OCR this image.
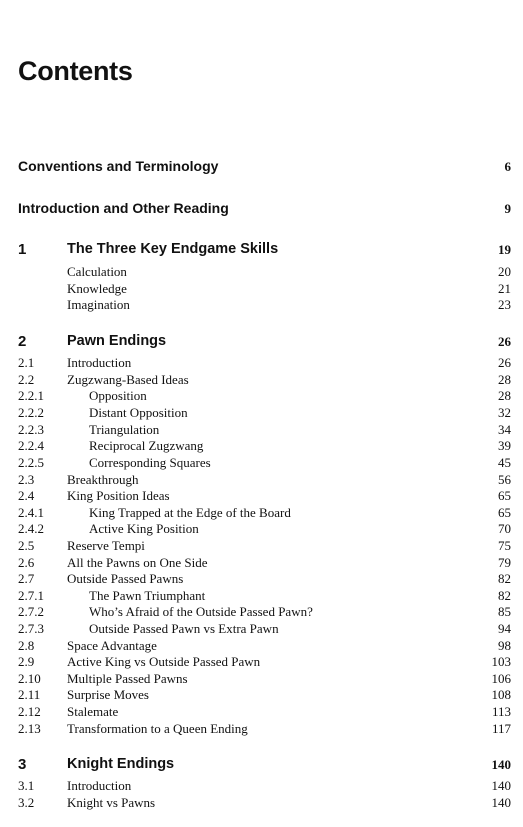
Contents
Conventions and Terminology	6
Introduction and Other Reading	9
1	The Three Key Endgame Skills	19
Calculation	20
Knowledge	21
Imagination	23
2	Pawn Endings	26
2.1	Introduction	26
2.2	Zugzwang-Based Ideas	28
2.2.1	Opposition	28
2.2.2	Distant Opposition	32
2.2.3	Triangulation	34
2.2.4	Reciprocal Zugzwang	39
2.2.5	Corresponding Squares	45
2.3	Breakthrough	56
2.4	King Position Ideas	65
2.4.1	King Trapped at the Edge of the Board	65
2.4.2	Active King Position	70
2.5	Reserve Tempi	75
2.6	All the Pawns on One Side	79
2.7	Outside Passed Pawns	82
2.7.1	The Pawn Triumphant	82
2.7.2	Who’s Afraid of the Outside Passed Pawn?	85
2.7.3	Outside Passed Pawn vs Extra Pawn	94
2.8	Space Advantage	98
2.9	Active King vs Outside Passed Pawn	103
2.10 Multiple Passed Pawns	106
2.11 Surprise Moves	108
2.12 Stalemate	113
2.13 Transformation to a Queen Ending	117
3	Knight Endings	140
3.1	Introduction	140
3.2	Knight vs Pawns	140
